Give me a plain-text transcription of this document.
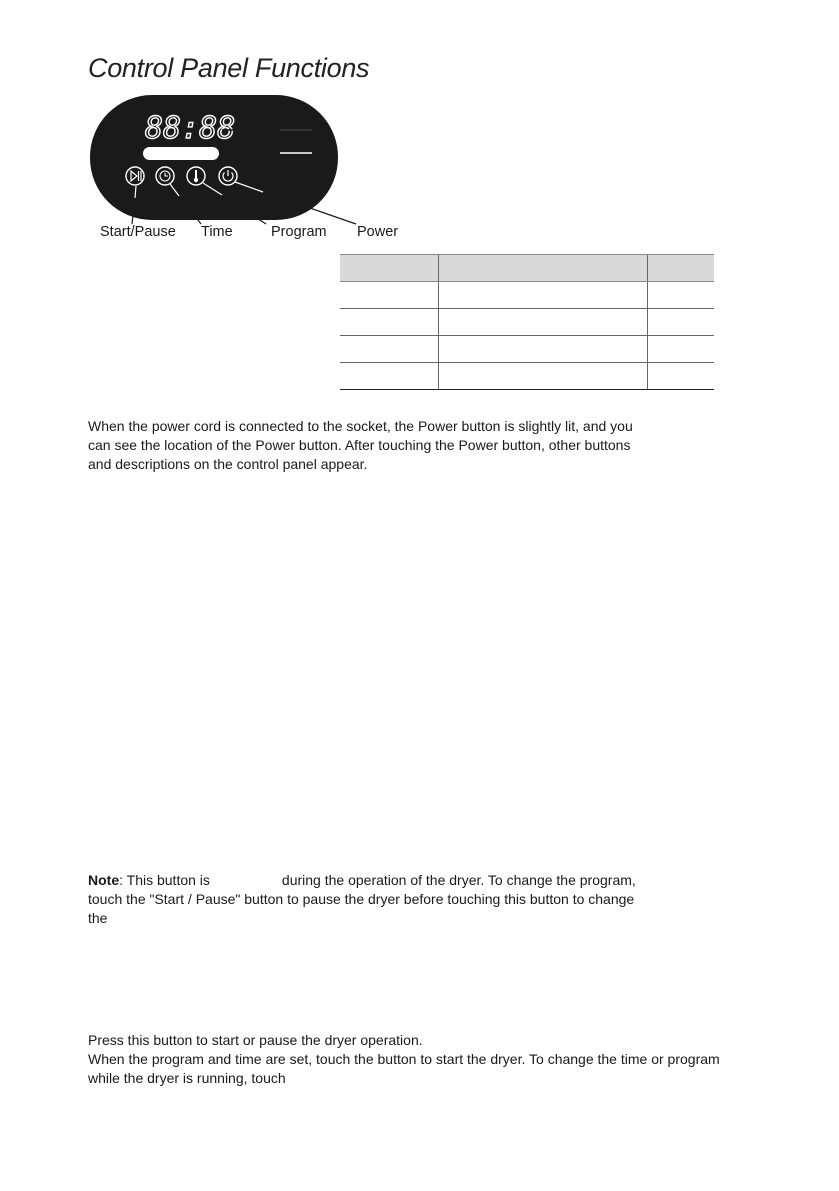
Control Panel Functions
88:88
Start/Pause Time	Program Power

When the power cord is connected to the socket, the Power button is slightly lit, and you

can see the location of the Power button. After touching the Power button, other buttons

and descriptions on the control panel appear.

Note: This button is	during the operation of the dryer. To change the program,

touch the "Start / Pause" button to pause the dryer before touching this button to change

the

Press this button to start or pause the dryer operation.

When the program and time are set, touch the button to start the dryer. To change the time or program

while the dryer is running, touch
